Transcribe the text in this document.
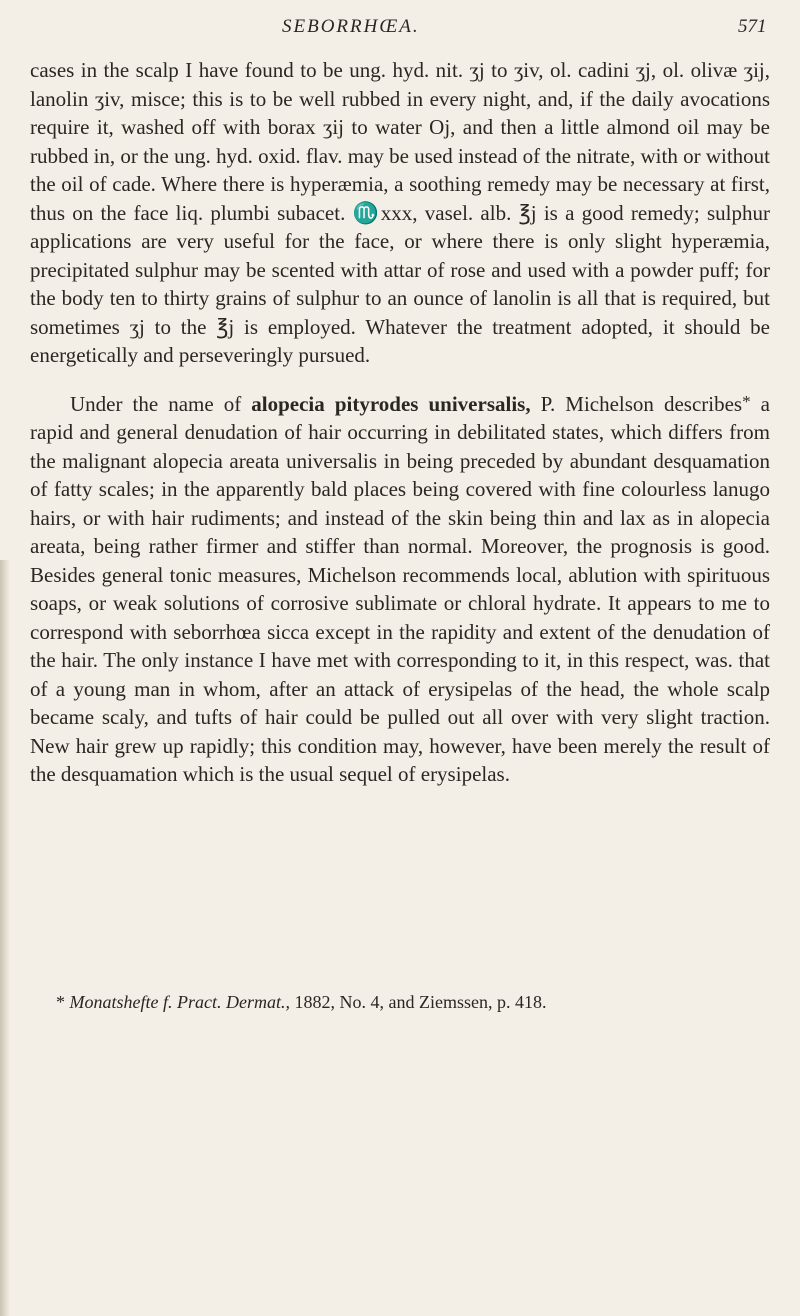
SEBORRHŒA.	571

cases in the scalp I have found to be ung. hyd. nit. ʒj to ʒiv, ol. cadini ʒj, ol. olivæ ʒij, lanolin ʒiv, misce; this is to be well rubbed in every night, and, if the daily avocations require it, washed off with borax ʒij to water Oj, and then a little almond oil may be rubbed in, or the ung. hyd. oxid. flav. may be used instead of the nitrate, with or without the oil of cade. Where there is hyperæmia, a soothing remedy may be necessary at first, thus on the face liq. plumbi subacet. ♏xxx, vasel. alb. ℥j is a good remedy; sulphur applications are very useful for the face, or where there is only slight hyperæmia, precipitated sulphur may be scented with attar of rose and used with a powder puff; for the body ten to thirty grains of sulphur to an ounce of lanolin is all that is required, but sometimes ʒj to the ℥j is employed. Whatever the treatment adopted, it should be energetically and perseveringly pursued.

Under the name of alopecia pityrodes universalis, P. Michelson describes* a rapid and general denudation of hair occurring in debilitated states, which differs from the malignant alopecia areata universalis in being preceded by abundant desquamation of fatty scales; in the apparently bald places being covered with fine colourless lanugo hairs, or with hair rudiments; and instead of the skin being thin and lax as in alopecia areata, being rather firmer and stiffer than normal. Moreover, the prognosis is good. Besides general tonic measures, Michelson recommends local, ablution with spirituous soaps, or weak solutions of corrosive sublimate or chloral hydrate. It appears to me to correspond with seborrhœa sicca except in the rapidity and extent of the denudation of the hair. The only instance I have met with corresponding to it, in this respect, was. that of a young man in whom, after an attack of erysipelas of the head, the whole scalp became scaly, and tufts of hair could be pulled out all over with very slight traction. New hair grew up rapidly; this condition may, however, have been merely the result of the desquamation which is the usual sequel of erysipelas.

* Monatshefte f. Pract. Dermat., 1882, No. 4, and Ziemssen, p. 418.
